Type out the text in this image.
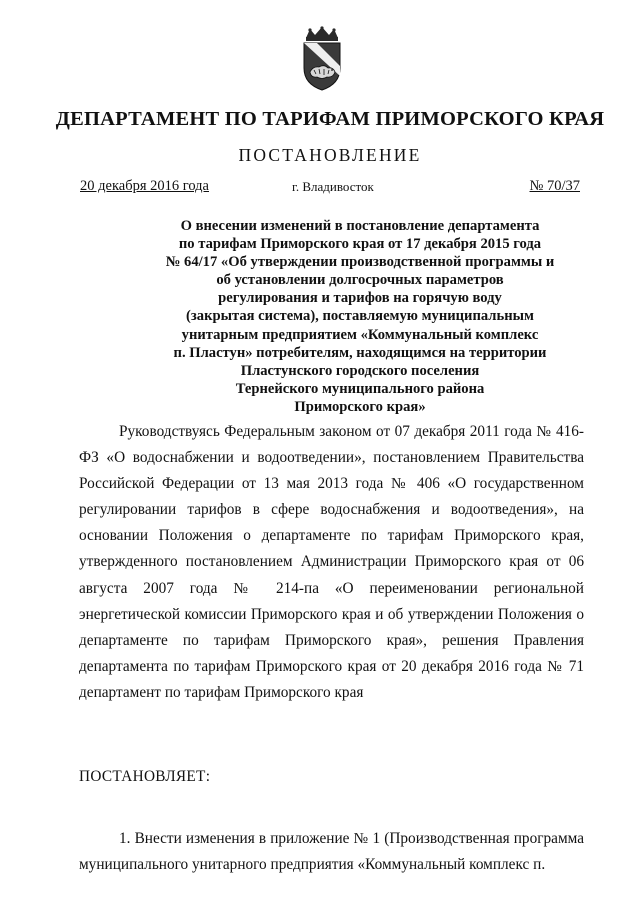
ДЕПАРТАМЕНТ ПО ТАРИФАМ ПРИМОРСКОГО КРАЯ
ПОСТАНОВЛЕНИЕ
20 декабря 2016 года	г. Владивосток	№ 70/37
О внесении изменений в постановление департамента
по тарифам Приморского края от 17 декабря 2015 года
№ 64/17 «Об утверждении производственной программы и
об установлении долгосрочных параметров
регулирования и тарифов на горячую воду
(закрытая система), поставляемую муниципальным
унитарным предприятием «Коммунальный комплекс
п. Пластун» потребителям, находящимся на территории
Пластунского городского поселения
Тернейского муниципального района
Приморского края»

Руководствуясь Федеральным законом от 07 декабря 2011 года № 416-ФЗ «О водоснабжении и водоотведении», постановлением Правительства Российской Федерации от 13 мая 2013 года № 406 «О государственном регулировании тарифов в сфере водоснабжения и водоотведения», на основании Положения о департаменте по тарифам Приморского края, утвержденного постановлением Администрации Приморского края от 06 августа 2007 года № 214-па «О переименовании региональной энергетической комиссии Приморского края и об утверждении Положения о департаменте по тарифам Приморского края», решения Правления департамента по тарифам Приморского края от 20 декабря 2016 года № 71 департамент по тарифам Приморского края

ПОСТАНОВЛЯЕТ:

1. Внести изменения в приложение № 1 (Производственная программа муниципального унитарного предприятия «Коммунальный комплекс п.
